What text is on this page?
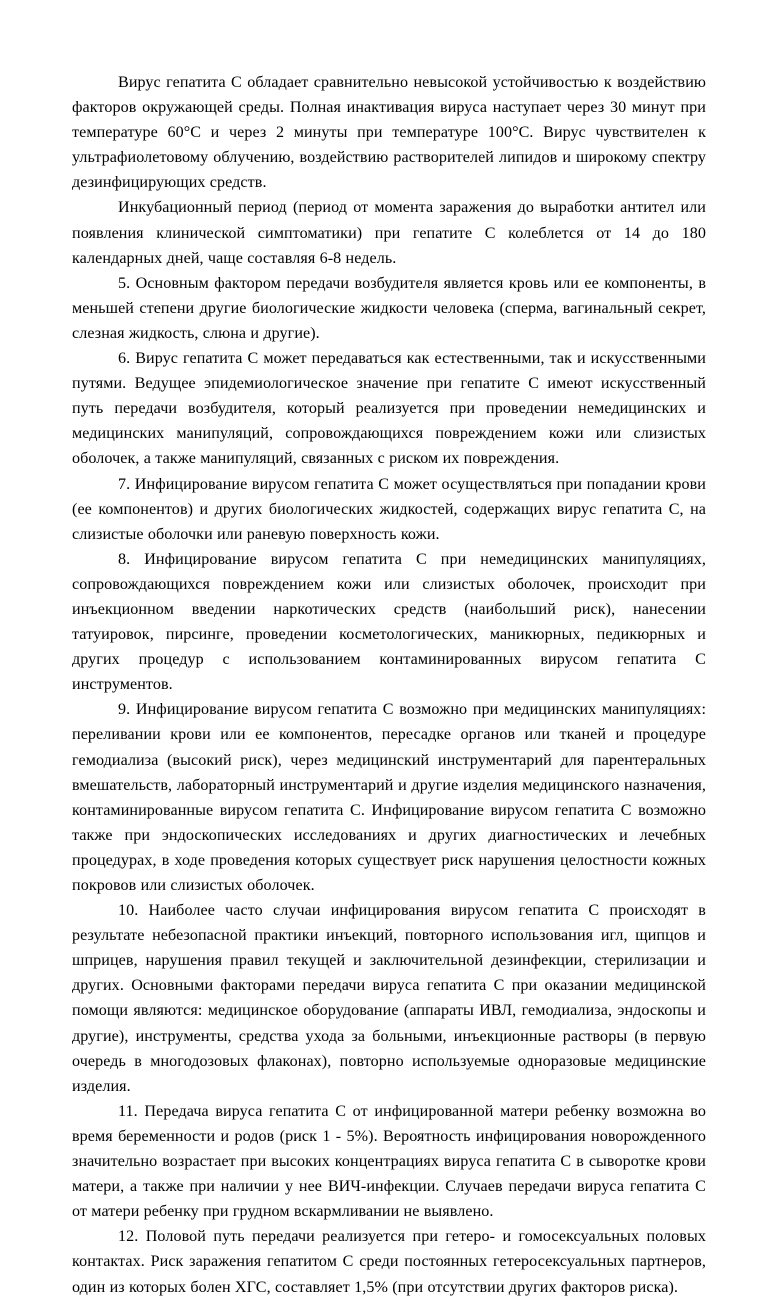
Вирус гепатита С обладает сравнительно невысокой устойчивостью к воздействию факторов окружающей среды. Полная инактивация вируса наступает через 30 минут при температуре 60°С и через 2 минуты при температуре 100°С. Вирус чувствителен к ультрафиолетовому облучению, воздействию растворителей липидов и широкому спектру дезинфицирующих средств.

Инкубационный период (период от момента заражения до выработки антител или появления клинической симптоматики) при гепатите С колеблется от 14 до 180 календарных дней, чаще составляя 6-8 недель.

5. Основным фактором передачи возбудителя является кровь или ее компоненты, в меньшей степени другие биологические жидкости человека (сперма, вагинальный секрет, слезная жидкость, слюна и другие).

6. Вирус гепатита С может передаваться как естественными, так и искусственными путями. Ведущее эпидемиологическое значение при гепатите С имеют искусственный путь передачи возбудителя, который реализуется при проведении немедицинских и медицинских манипуляций, сопровождающихся повреждением кожи или слизистых оболочек, а также манипуляций, связанных с риском их повреждения.

7. Инфицирование вирусом гепатита С может осуществляться при попадании крови (ее компонентов) и других биологических жидкостей, содержащих вирус гепатита С, на слизистые оболочки или раневую поверхность кожи.

8. Инфицирование вирусом гепатита С при немедицинских манипуляциях, сопровождающихся повреждением кожи или слизистых оболочек, происходит при инъекционном введении наркотических средств (наибольший риск), нанесении татуировок, пирсинге, проведении косметологических, маникюрных, педикюрных и других процедур с использованием контаминированных вирусом гепатита С инструментов.

9. Инфицирование вирусом гепатита С возможно при медицинских манипуляциях: переливании крови или ее компонентов, пересадке органов или тканей и процедуре гемодиализа (высокий риск), через медицинский инструментарий для парентеральных вмешательств, лабораторный инструментарий и другие изделия медицинского назначения, контаминированные вирусом гепатита С. Инфицирование вирусом гепатита С возможно также при эндоскопических исследованиях и других диагностических и лечебных процедурах, в ходе проведения которых существует риск нарушения целостности кожных покровов или слизистых оболочек.

10. Наиболее часто случаи инфицирования вирусом гепатита С происходят в результате небезопасной практики инъекций, повторного использования игл, щипцов и шприцев, нарушения правил текущей и заключительной дезинфекции, стерилизации и других. Основными факторами передачи вируса гепатита С при оказании медицинской помощи являются: медицинское оборудование (аппараты ИВЛ, гемодиализа, эндоскопы и другие), инструменты, средства ухода за больными, инъекционные растворы (в первую очередь в многодозовых флаконах), повторно используемые одноразовые медицинские изделия.

11. Передача вируса гепатита С от инфицированной матери ребенку возможна во время беременности и родов (риск 1 - 5%). Вероятность инфицирования новорожденного значительно возрастает при высоких концентрациях вируса гепатита С в сыворотке крови матери, а также при наличии у нее ВИЧ-инфекции. Случаев передачи вируса гепатита С от матери ребенку при грудном вскармливании не выявлено.

12. Половой путь передачи реализуется при гетеро- и гомосексуальных половых контактах. Риск заражения гепатитом С среди постоянных гетеросексуальных партнеров, один из которых болен ХГС, составляет 1,5% (при отсутствии других факторов риска).
